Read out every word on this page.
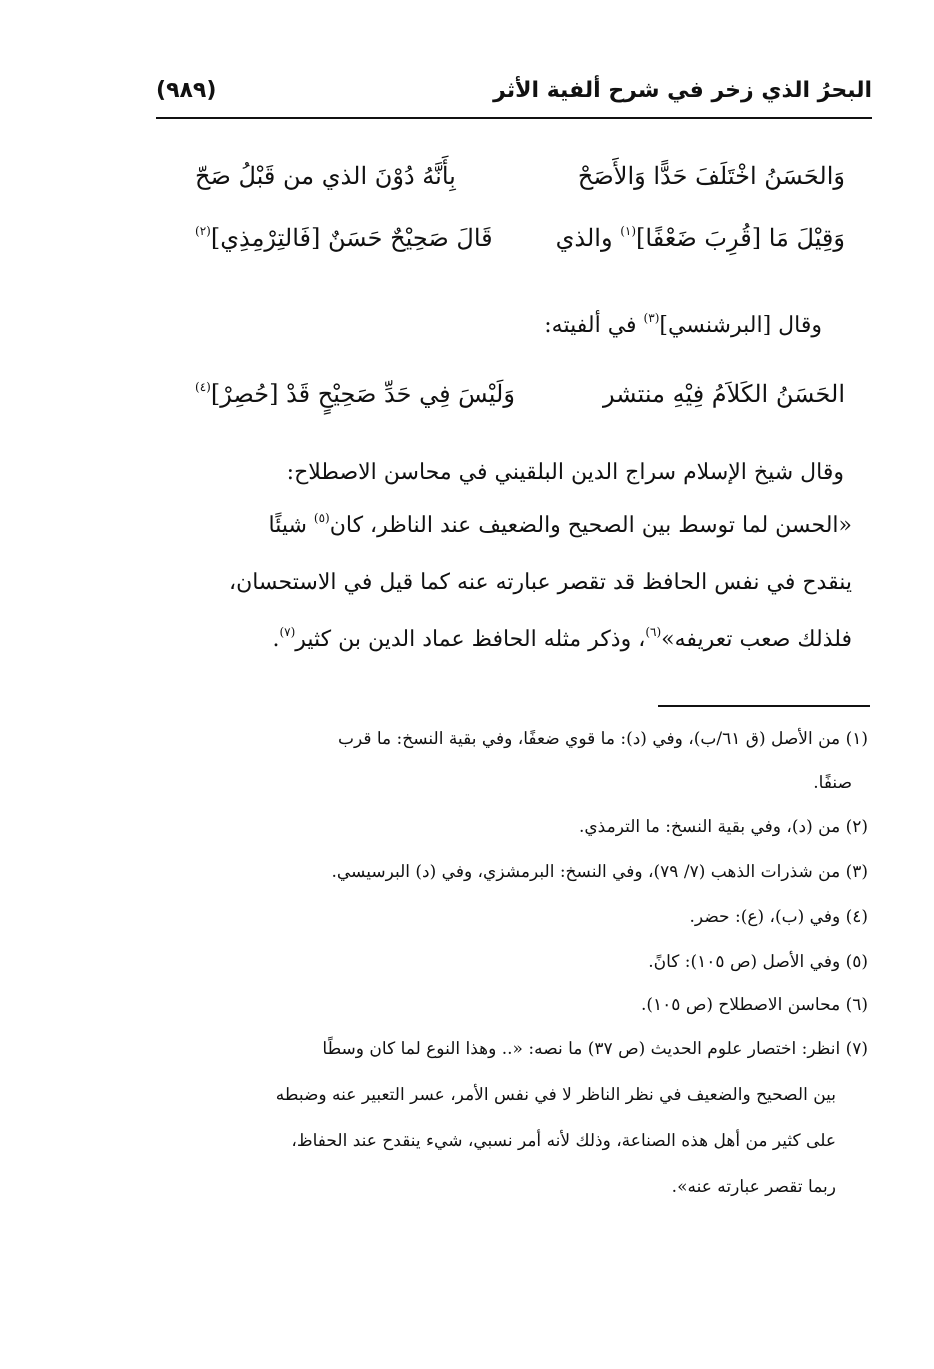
البحرُ الذي زخر في شرح ألفية الأثر
(٩٨٩)
وَالحَسَنُ اخْتَلَفَ حَدًّا وَالأَصَحْ
بِأَنَّهُ دُوْنَ الذي من قَبْلُ صَحّ
وَقِيْلَ مَا [قُرِبَ ضَعْفًا]$^{(١)}$ والذي
قَالَ صَحِيْحٌ حَسَنٌ [فَالتِرْمِذِي]$^{(٢)}$
وقال [البرشنسي]$^{(٣)}$ في ألفيته:
الحَسَنُ الكَلاَمُ فِيْهِ منتشر
وَلَيْسَ فِي حَدِّ صَحِيْحٍ قَدْ [حُصِرْ]$^{(٤)}$
وقال شيخ الإسلام سراج الدين البلقيني في محاسن الاصطلاح:
«الحسن لما توسط بين الصحيح والضعيف عند الناظر، كان$^{(٥)}$ شيئًا
ينقدح في نفس الحافظ قد تقصر عبارته عنه كما قيل في الاستحسان،
فلذلك صعب تعريفه»$^{(٦)}$، وذكر مثله الحافظ عماد الدين بن كثير$^{(٧)}$.
(١) من الأصل (ق ٦١/ب)، وفي (د): ما قوي ضعفًا، وفي بقية النسخ: ما قرب
صنفًا.
(٢) من (د)، وفي بقية النسخ: ما الترمذي.
(٣) من شذرات الذهب (٧/ ٧٩)، وفي النسخ: البرمشزي، وفي (د) البرسيسي.
(٤) وفي (ب)، (ع): حضر.
(٥) وفي الأصل (ص ١٠٥): كانً.
(٦) محاسن الاصطلاح (ص ١٠٥).
(٧) انظر: اختصار علوم الحديث (ص ٣٧) ما نصه: «.. وهذا النوع لما كان وسطًا
بين الصحيح والضعيف في نظر الناظر لا في نفس الأمر، عسر التعبير عنه وضبطه
على كثير من أهل هذه الصناعة، وذلك لأنه أمر نسبي، شيء ينقدح عند الحفاظ،
ربما تقصر عبارته عنه».
